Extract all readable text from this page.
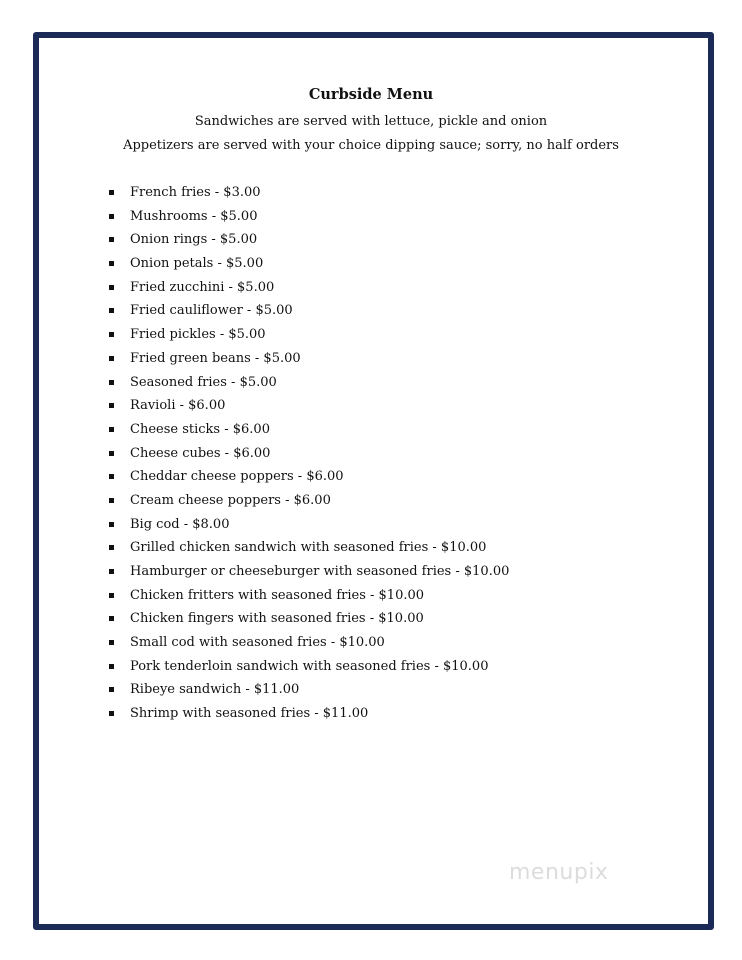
Curbside Menu
Sandwiches are served with lettuce, pickle and onion
Appetizers are served with your choice dipping sauce; sorry, no half orders
French fries - $3.00
Mushrooms - $5.00
Onion rings - $5.00
Onion petals - $5.00
Fried zucchini - $5.00
Fried cauliflower - $5.00
Fried pickles - $5.00
Fried green beans - $5.00
Seasoned fries - $5.00
Ravioli - $6.00
Cheese sticks - $6.00
Cheese cubes - $6.00
Cheddar cheese poppers - $6.00
Cream cheese poppers - $6.00
Big cod - $8.00
Grilled chicken sandwich with seasoned fries - $10.00
Hamburger or cheeseburger with seasoned fries - $10.00
Chicken fritters with seasoned fries - $10.00
Chicken fingers with seasoned fries - $10.00
Small cod with seasoned fries - $10.00
Pork tenderloin sandwich with seasoned fries - $10.00
Ribeye sandwich - $11.00
Shrimp with seasoned fries - $11.00
menupix
